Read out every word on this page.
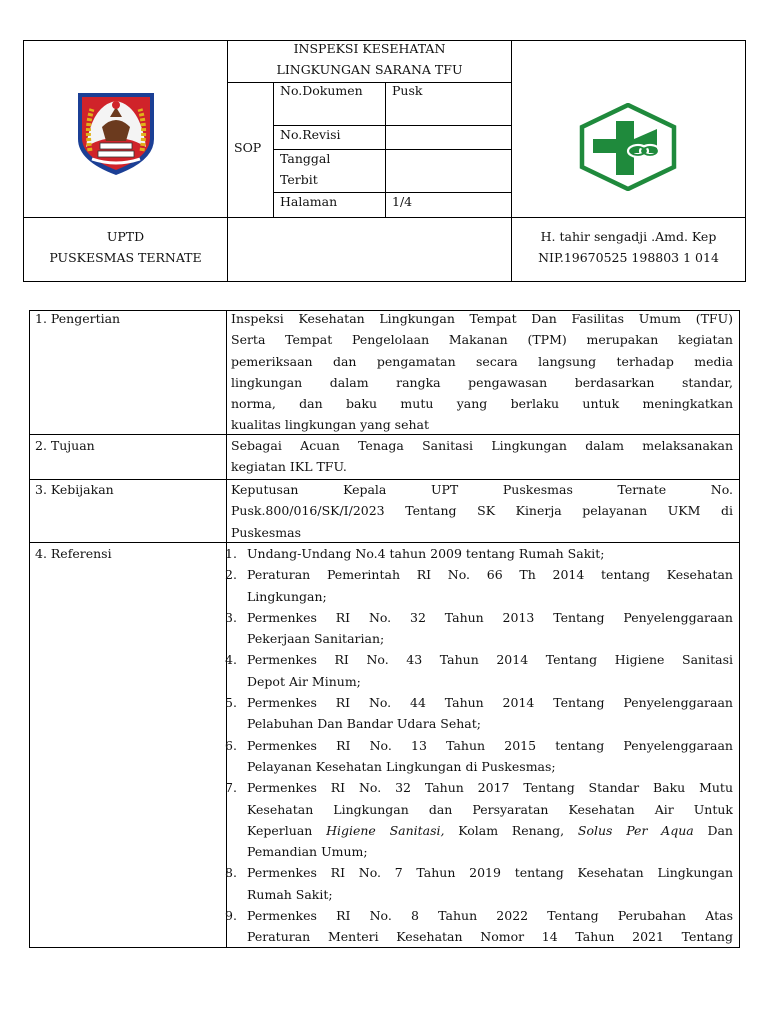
INSPEKSI KESEHATAN
LINGKUNGAN SARANA TFU
SOP
No.Dokumen Pusk
No.Revisi
Tanggal
Terbit
Halaman	1/4
UPTD
PUSKESMAS TERNATE
H. tahir sengadji .Amd. Kep
NIP.19670525 198803 1 014
1. Pengertian	Inspeksi Kesehatan Lingkungan Tempat Dan Fasilitas Umum (TFU)
Serta Tempat Pengelolaan Makanan (TPM) merupakan kegiatan
pemeriksaan dan pengamatan secara langsung terhadap media
lingkungan dalam rangka pengawasan berdasarkan standar,
norma, dan baku mutu yang berlaku untuk meningkatkan
kualitas lingkungan yang sehat
2. Tujuan	Sebagai Acuan Tenaga Sanitasi Lingkungan dalam melaksanakan
kegiatan IKL TFU.
3. Kebijakan	Keputusan Kepala UPT Puskesmas Ternate No.
Pusk.800/016/SK/I/2023 Tentang SK Kinerja pelayanan UKM di
Puskesmas
4. Referensi	1. Undang-Undang No.4 tahun 2009 tentang Rumah Sakit;
2. Peraturan Pemerintah RI No. 66 Th 2014 tentang Kesehatan
Lingkungan;
3. Permenkes RI No. 32 Tahun 2013 Tentang Penyelenggaraan
Pekerjaan Sanitarian;
4. Permenkes RI No. 43 Tahun 2014 Tentang Higiene Sanitasi
Depot Air Minum;
5. Permenkes RI No. 44 Tahun 2014 Tentang Penyelenggaraan
Pelabuhan Dan Bandar Udara Sehat;
6. Permenkes RI No. 13 Tahun 2015 tentang Penyelenggaraan
Pelayanan Kesehatan Lingkungan di Puskesmas;
7. Permenkes RI No. 32 Tahun 2017 Tentang Standar Baku Mutu
Kesehatan Lingkungan dan Persyaratan Kesehatan Air Untuk
Keperluan Higiene Sanitasi, Kolam Renang, Solus Per Aqua Dan
Pemandian Umum;
8. Permenkes RI No. 7 Tahun 2019 tentang Kesehatan Lingkungan
Rumah Sakit;
9. Permenkes RI No. 8 Tahun 2022 Tentang Perubahan Atas
Peraturan Menteri Kesehatan Nomor 14 Tahun 2021 Tentang
